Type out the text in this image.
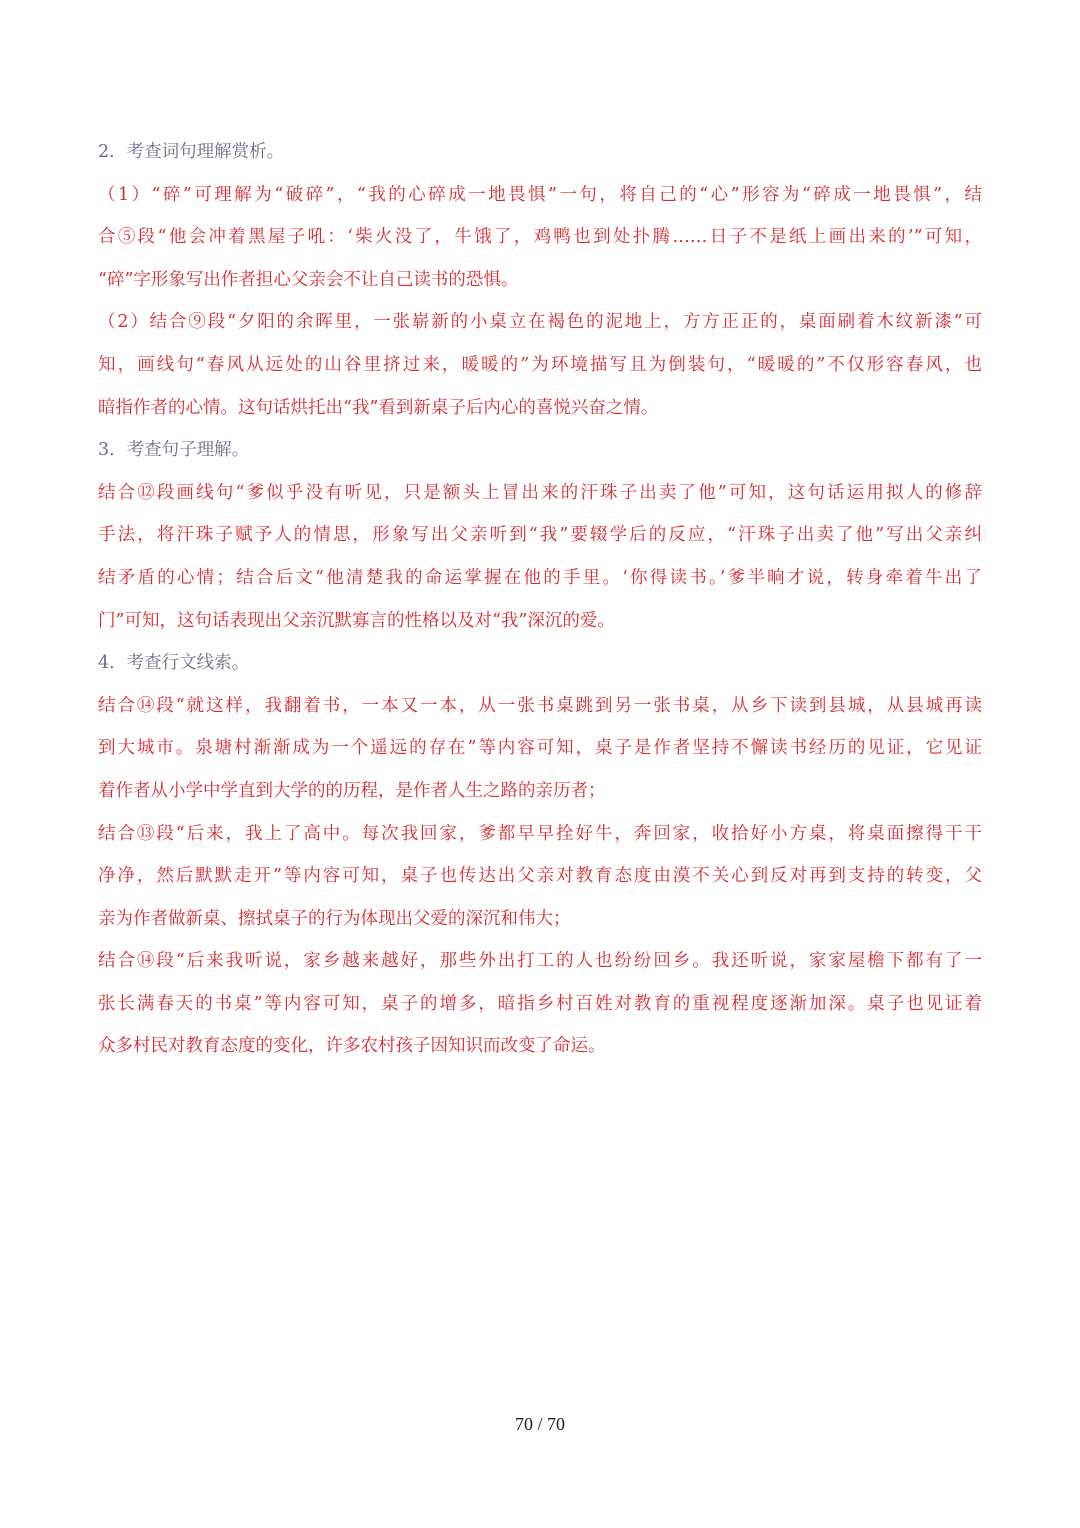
2．考查词句理解赏析。
（1）“碎”可理解为“破碎”，“我的心碎成一地畏惧”一句，将自己的“心”形容为“碎成一地畏惧”，结
合⑤段“他会冲着黑屋子吼：‘柴火没了，牛饿了，鸡鸭也到处扑腾……日子不是纸上画出来的’”可知，
“碎”字形象写出作者担心父亲会不让自己读书的恐惧。
（2）结合⑨段“夕阳的余晖里，一张崭新的小桌立在褐色的泥地上，方方正正的，桌面刷着木纹新漆”可
知，画线句“春风从远处的山谷里挤过来，暖暖的”为环境描写且为倒装句，“暖暖的”不仅形容春风，也
暗指作者的心情。这句话烘托出“我”看到新桌子后内心的喜悦兴奋之情。
3．考查句子理解。
结合⑫段画线句“爹似乎没有听见，只是额头上冒出来的汗珠子出卖了他”可知，这句话运用拟人的修辞
手法，将汗珠子赋予人的情思，形象写出父亲听到“我”要辍学后的反应，“汗珠子出卖了他”写出父亲纠
结矛盾的心情；结合后文“他清楚我的命运掌握在他的手里。‘你得读书。’爹半晌才说，转身牵着牛出了
门”可知，这句话表现出父亲沉默寡言的性格以及对“我”深沉的爱。
4．考查行文线索。
结合⑭段“就这样，我翻着书，一本又一本，从一张书桌跳到另一张书桌，从乡下读到县城，从县城再读
到大城市。泉塘村渐渐成为一个遥远的存在”等内容可知，桌子是作者坚持不懈读书经历的见证，它见证
着作者从小学中学直到大学的的历程，是作者人生之路的亲历者；
结合⑬段“后来，我上了高中。每次我回家，爹都早早拴好牛，奔回家，收拾好小方桌，将桌面擦得干干
净净，然后默默走开”等内容可知，桌子也传达出父亲对教育态度由漠不关心到反对再到支持的转变，父
亲为作者做新桌、擦拭桌子的行为体现出父爱的深沉和伟大；
结合⑭段“后来我听说，家乡越来越好，那些外出打工的人也纷纷回乡。我还听说，家家屋檐下都有了一
张长满春天的书桌”等内容可知，桌子的增多，暗指乡村百姓对教育的重视程度逐渐加深。桌子也见证着
众多村民对教育态度的变化，许多农村孩子因知识而改变了命运。
70 / 70
